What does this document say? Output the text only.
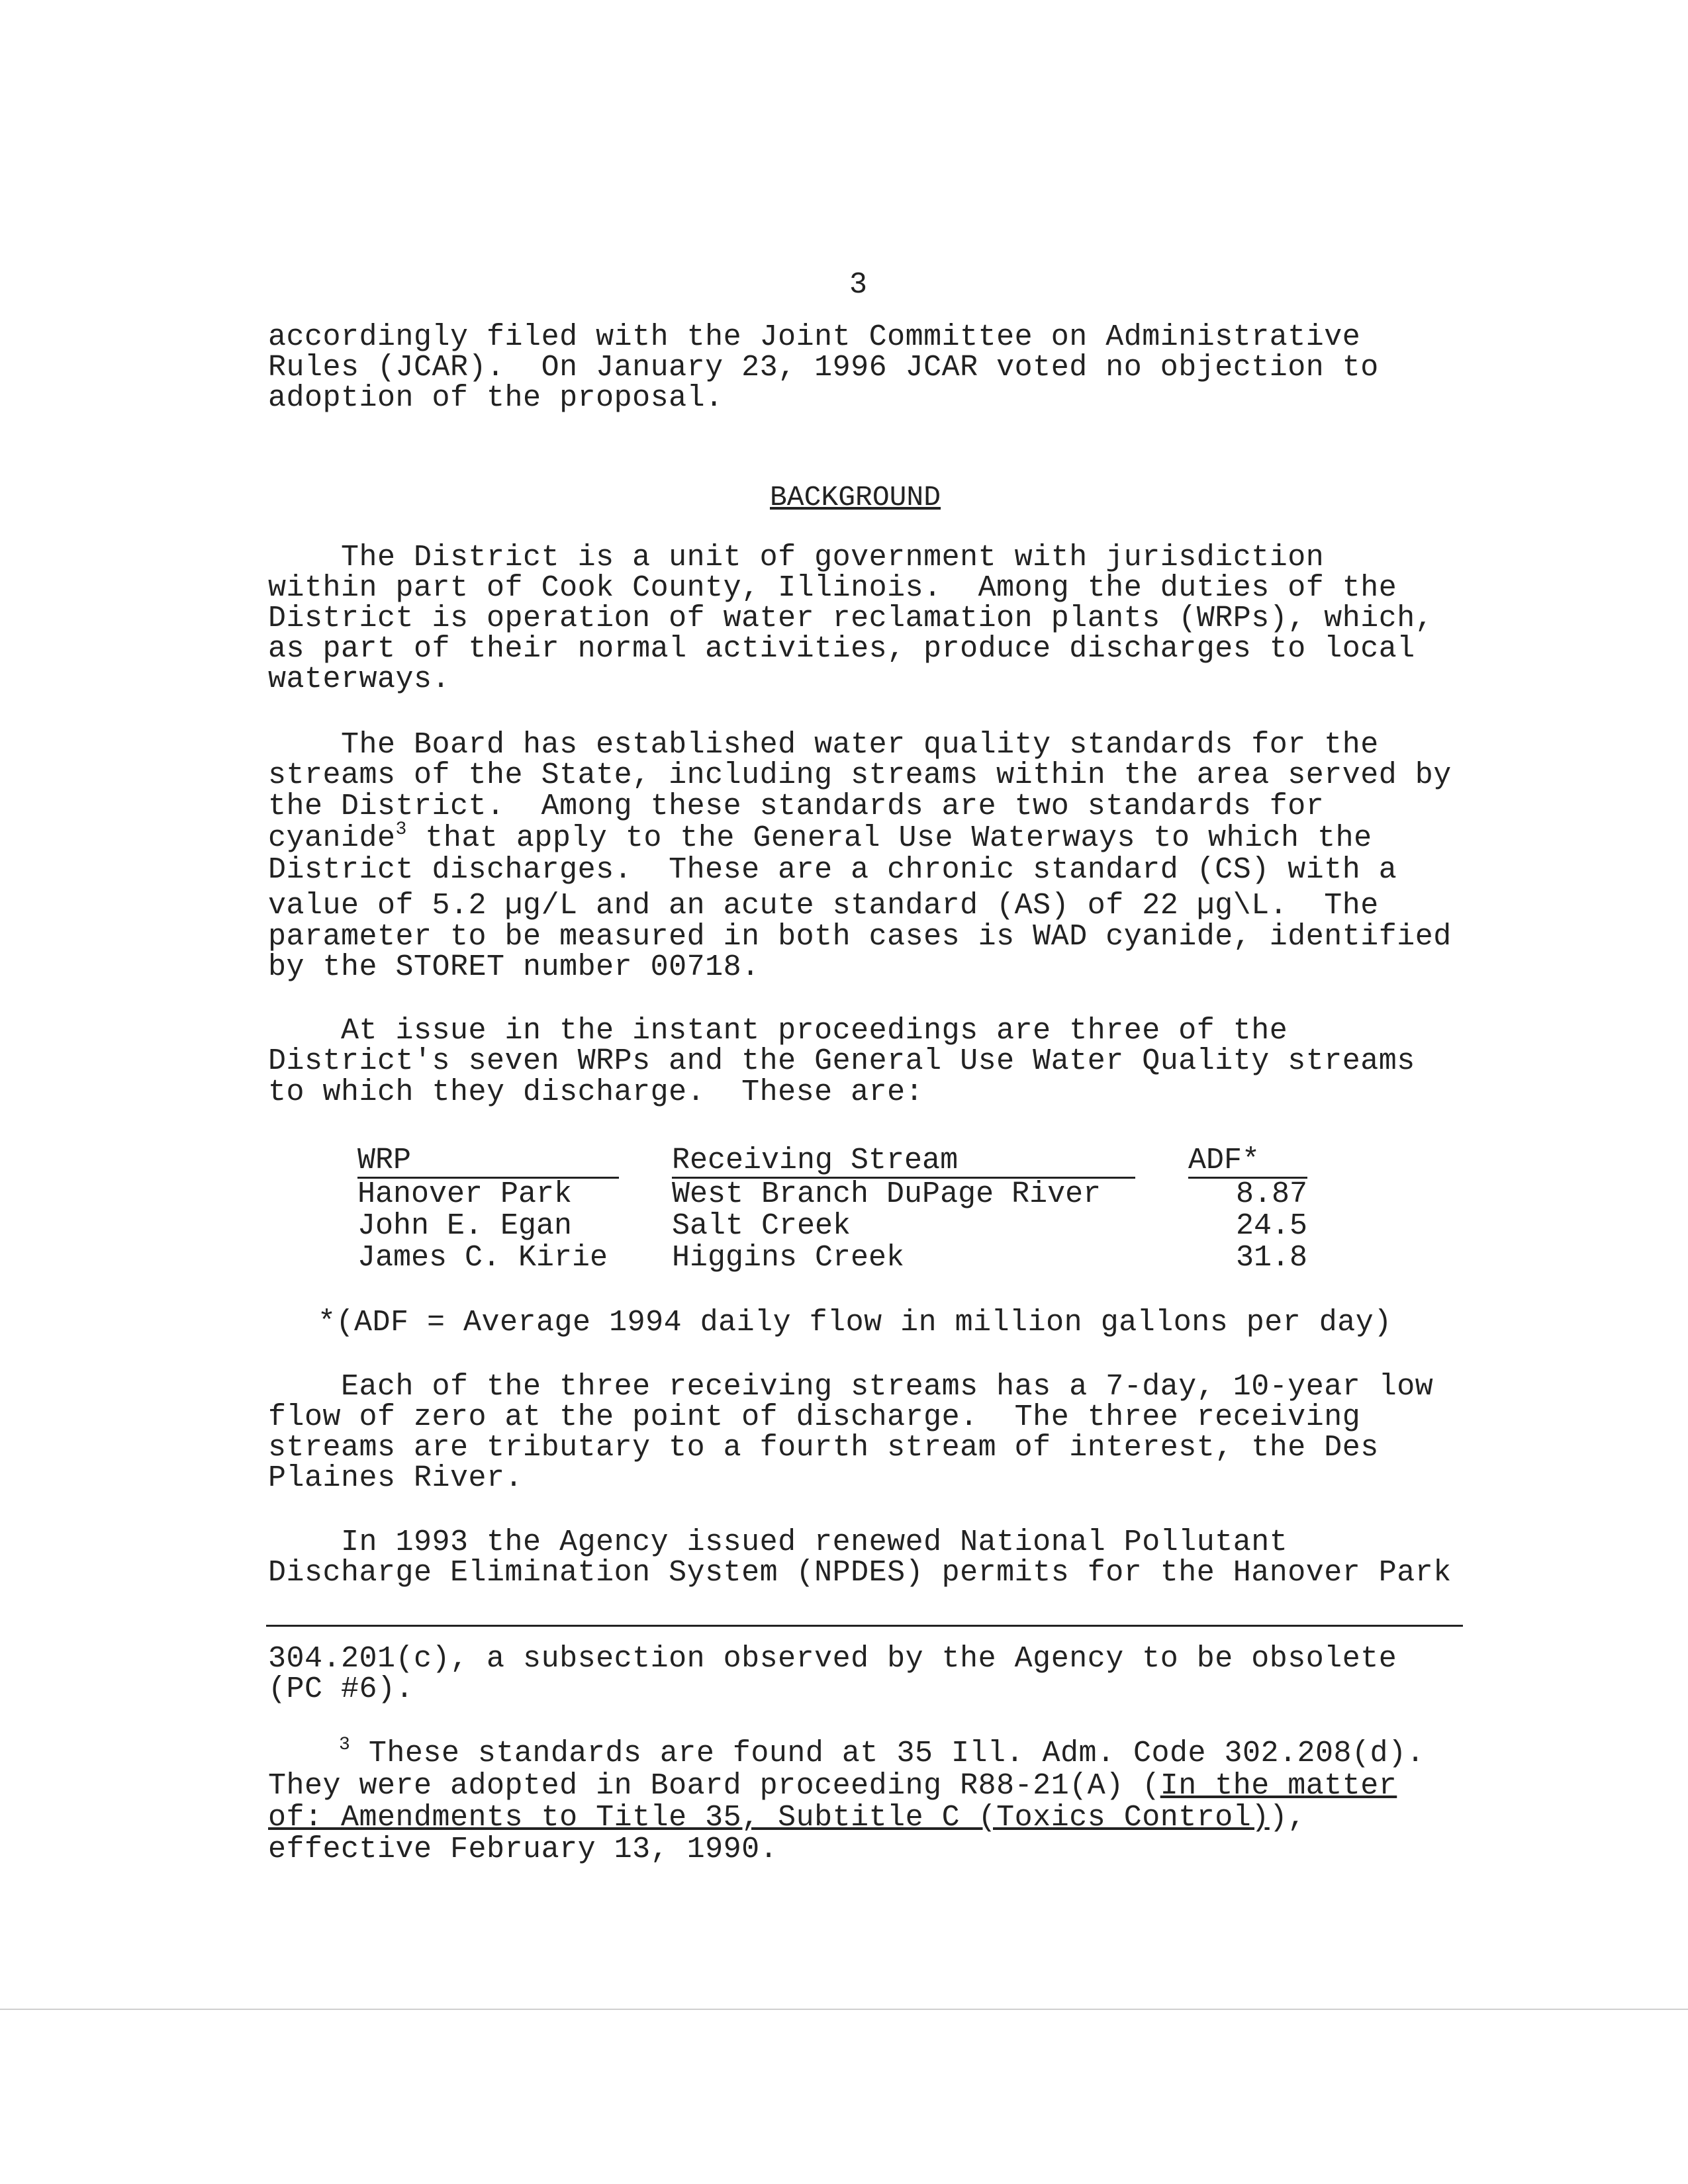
3

accordingly filed with the Joint Committee on Administrative

Rules (JCAR).  On January 23, 1996 JCAR voted no objection to

adoption of the proposal.

BACKGROUND

The District is a unit of government with jurisdiction

within part of Cook County, Illinois.  Among the duties of the

District is operation of water reclamation plants (WRPs), which,

as part of their normal activities, produce discharges to local

waterways.

The Board has established water quality standards for the

streams of the State, including streams within the area served by

the District.  Among these standards are two standards for

cyanide$^3$ that apply to the General Use Waterways to which the

District discharges.  These are a chronic standard (CS) with a

value of 5.2 µg/L and an acute standard (AS) of 22 µg\L.  The

parameter to be measured in both cases is WAD cyanide, identified

by the STORET number 00718.

At issue in the instant proceedings are three of the

District's seven WRPs and the General Use Water Quality streams

to which they discharge.  These are:

WRP		Receiving Stream		ADF*
Hanover Park		West Branch DuPage River		8.87
John E. Egan		Salt Creek		24.5
James C. Kirie		Higgins Creek		31.8

*(ADF = Average 1994 daily flow in million gallons per day)

Each of the three receiving streams has a 7-day, 10-year low

flow of zero at the point of discharge.  The three receiving

streams are tributary to a fourth stream of interest, the Des

Plaines River.

In 1993 the Agency issued renewed National Pollutant

Discharge Elimination System (NPDES) permits for the Hanover Park

304.201(c), a subsection observed by the Agency to be obsolete

(PC #6).

$^3$ These standards are found at 35 Ill. Adm. Code 302.208(d).

They were adopted in Board proceeding R88-21(A) (In the matter

of: Amendments to Title 35, Subtitle C (Toxics Control)),

effective February 13, 1990.
